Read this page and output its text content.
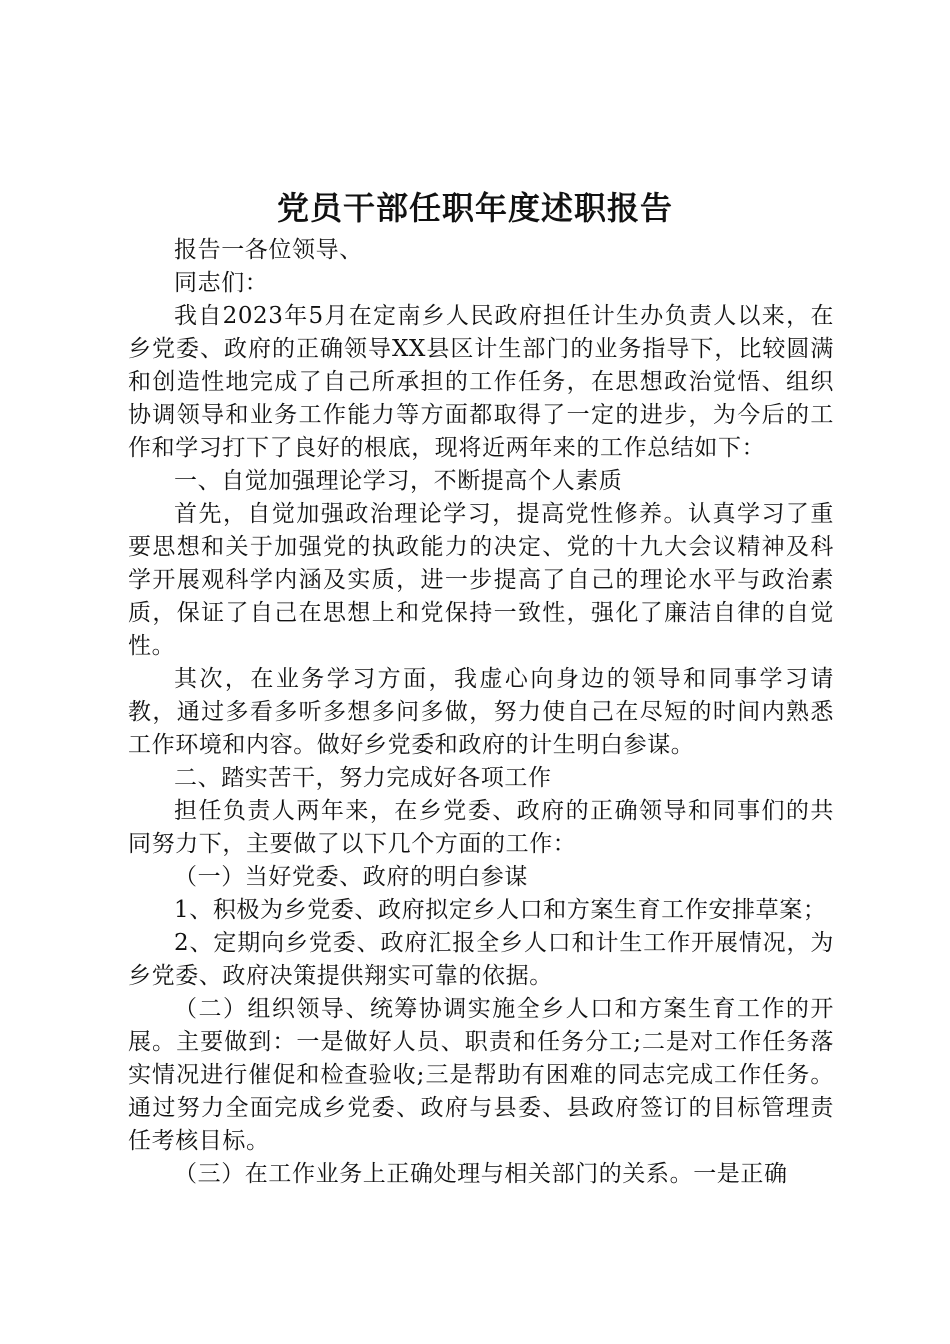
党员干部任职年度述职报告

报告一各位领导、

同志们：

我自2023年5月在定南乡人民政府担任计生办负责人以来，在乡党委、政府的正确领导XX县区计生部门的业务指导下，比较圆满和创造性地完成了自己所承担的工作任务，在思想政治觉悟、组织协调领导和业务工作能力等方面都取得了一定的进步，为今后的工作和学习打下了良好的根底，现将近两年来的工作总结如下：

一、自觉加强理论学习，不断提高个人素质

首先，自觉加强政治理论学习，提高党性修养。认真学习了重要思想和关于加强党的执政能力的决定、党的十九大会议精神及科学开展观科学内涵及实质，进一步提高了自己的理论水平与政治素质，保证了自己在思想上和党保持一致性，强化了廉洁自律的自觉性。

其次，在业务学习方面，我虚心向身边的领导和同事学习请教，通过多看多听多想多问多做，努力使自己在尽短的时间内熟悉工作环境和内容。做好乡党委和政府的计生明白参谋。

二、踏实苦干，努力完成好各项工作

担任负责人两年来，在乡党委、政府的正确领导和同事们的共同努力下，主要做了以下几个方面的工作：

（一）当好党委、政府的明白参谋

1、积极为乡党委、政府拟定乡人口和方案生育工作安排草案；

2、定期向乡党委、政府汇报全乡人口和计生工作开展情况，为乡党委、政府决策提供翔实可靠的依据。

（二）组织领导、统筹协调实施全乡人口和方案生育工作的开展。主要做到：一是做好人员、职责和任务分工;二是对工作任务落实情况进行催促和检查验收;三是帮助有困难的同志完成工作任务。通过努力全面完成乡党委、政府与县委、县政府签订的目标管理责任考核目标。

（三）在工作业务上正确处理与相关部门的关系。一是正确
